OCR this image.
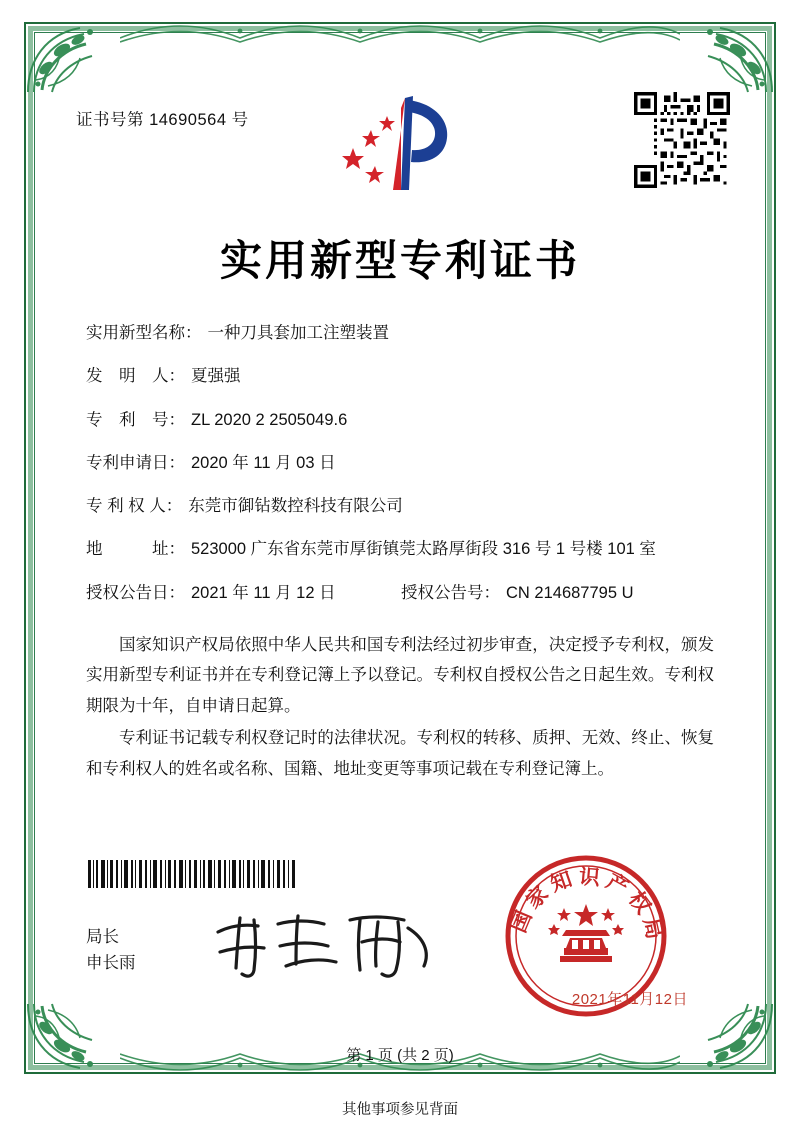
证书号第 14690564 号
实用新型专利证书
实用新型名称： 一种刀具套加工注塑装置
发　明　人： 夏强强
专　利　号： ZL 2020 2 2505049.6
专利申请日： 2020 年 11 月 03 日
专 利 权 人： 东莞市御钻数控科技有限公司
地　　　址： 523000 广东省东莞市厚街镇莞太路厚街段 316 号 1 号楼 101 室
授权公告日： 2021 年 11 月 12 日	授权公告号： CN 214687795 U

国家知识产权局依照中华人民共和国专利法经过初步审查，决定授予专利权，颁发实用新型专利证书并在专利登记簿上予以登记。专利权自授权公告之日起生效。专利权期限为十年，自申请日起算。

专利证书记载专利权登记时的法律状况。专利权的转移、质押、无效、终止、恢复和专利权人的姓名或名称、国籍、地址变更等事项记载在专利登记簿上。

局长
申长雨
国家知识产权局
2021年11月12日
第 1 页 (共 2 页)
其他事项参见背面
